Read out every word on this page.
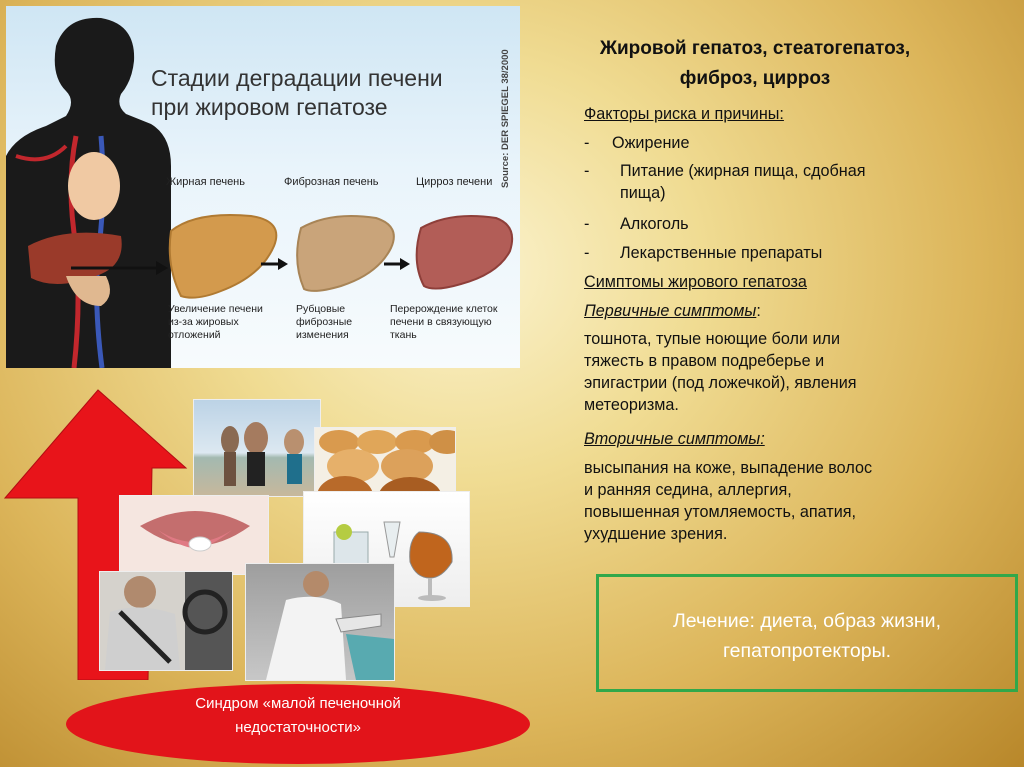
Стадии деградации печени
при жировом гепатозе	Source: DER SPIEGEL 38/2000
Жирная печень	Фиброзная печень	Цирроз печени
Увеличение печени
из-за жировых
отложений
Рубцовые
фиброзные
изменения
Перерождение клеток
печени в связующую
ткань
Жировой гепатоз, стеатогепатоз,
фиброз, цирроз
Факторы риска и причины:
-	Ожирение
-	Питание (жирная пища, сдобная
пища)
-	Алкоголь
-	Лекарственные препараты
Симптомы жирового гепатоза
Первичные симптомы:
тошнота, тупые ноющие боли или
тяжесть в правом подреберье и
эпигастрии (под ложечкой), явления
метеоризма.
Вторичные симптомы:
высыпания на коже, выпадение волос
и ранняя седина, аллергия,
повышенная утомляемость, апатия,
ухудшение зрения.
Лечение: диета, образ жизни,
гепатопротекторы.
Синдром «малой печеночной
недостаточности»
